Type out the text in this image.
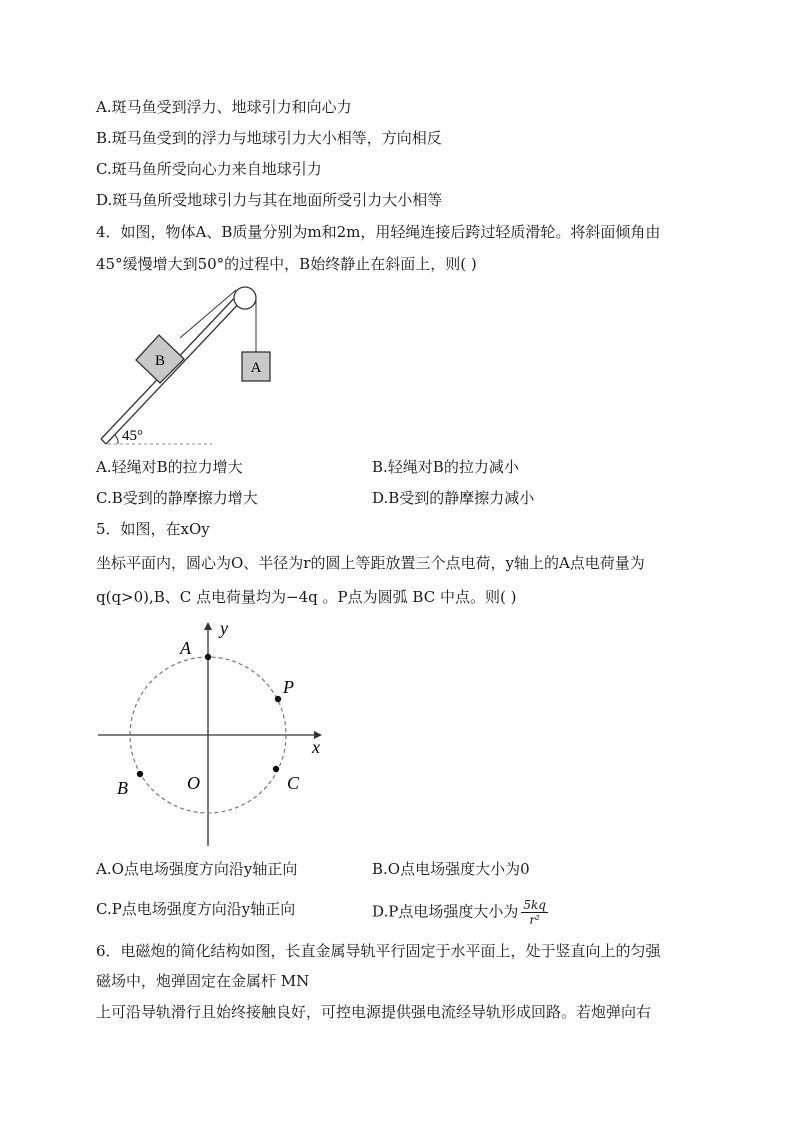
A.斑马鱼受到浮力、地球引力和向心力
B.斑马鱼受到的浮力与地球引力大小相等，方向相反
C.斑马鱼所受向心力来自地球引力
D.斑马鱼所受地球引力与其在地面所受引力大小相等
4．如图，物体A、B质量分别为m和2m，用轻绳连接后跨过轻质滑轮。将斜面倾角由
45°缓慢增大到50°的过程中，B始终静止在斜面上，则( )
B	A
45°
A.轻绳对B的拉力增大	B.轻绳对B的拉力减小
C.B受到的静摩擦力增大	D.B受到的静摩擦力减小
5．如图，在xOy
坐标平面内，圆心为O、半径为r的圆上等距放置三个点电荷，y轴上的A点电荷量为
q(q>0),B、C 点电荷量均为−4q 。P点为圆弧 BC 中点。则( )
A
P
O
B	C
x
y
A.O点电场强度方向沿y轴正向	B.O点电场强度大小为0
C.P点电场强度方向沿y轴正向	D.P点电场强度大小为 $\frac{5kq}{\text{r²}}$
6．电磁炮的简化结构如图，长直金属导轨平行固定于水平面上，处于竖直向上的匀强
磁场中，炮弹固定在金属杆 MN
上可沿导轨滑行且始终接触良好，可控电源提供强电流经导轨形成回路。若炮弹向右
